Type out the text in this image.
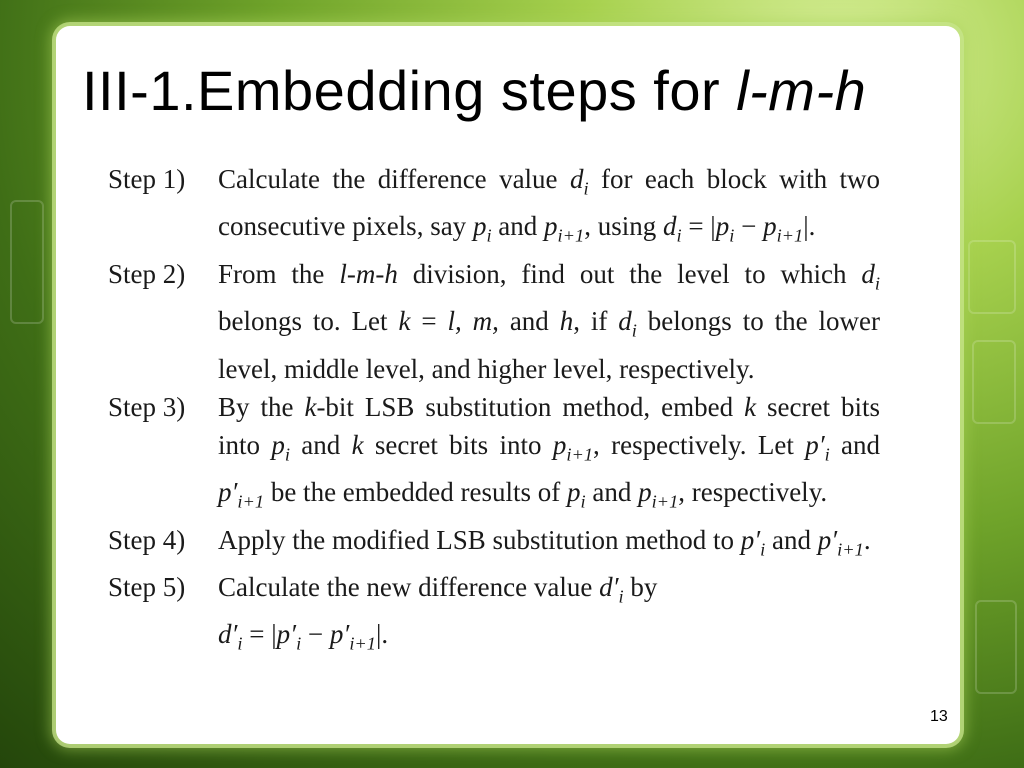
III-1.Embedding steps for l-m-h
Step 1)	Calculate the difference value $d_i$ for each block with two consecutive pixels, say $p_i$ and $p_{i+1}$, using $d_i = |p_i - p_{i+1}|$.
Step 2)	From the l-m-h division, find out the level to which $d_i$ belongs to. Let k = l, m, and h, if $d_i$ belongs to the lower level, middle level, and higher level, respectively.
Step 3)	By the k-bit LSB substitution method, embed k secret bits into $p_i$ and k secret bits into $p_{i+1}$, respectively. Let $p'_i$ and $p'_{i+1}$ be the embedded results of $p_i$ and $p_{i+1}$, respectively.
Step 4)	Apply the modified LSB substitution method to $p'_i$ and $p'_{i+1}$.
Step 5)	Calculate the new difference value $d'_i$ by
$d'_i = |p'_i - p'_{i+1}|$.
13
